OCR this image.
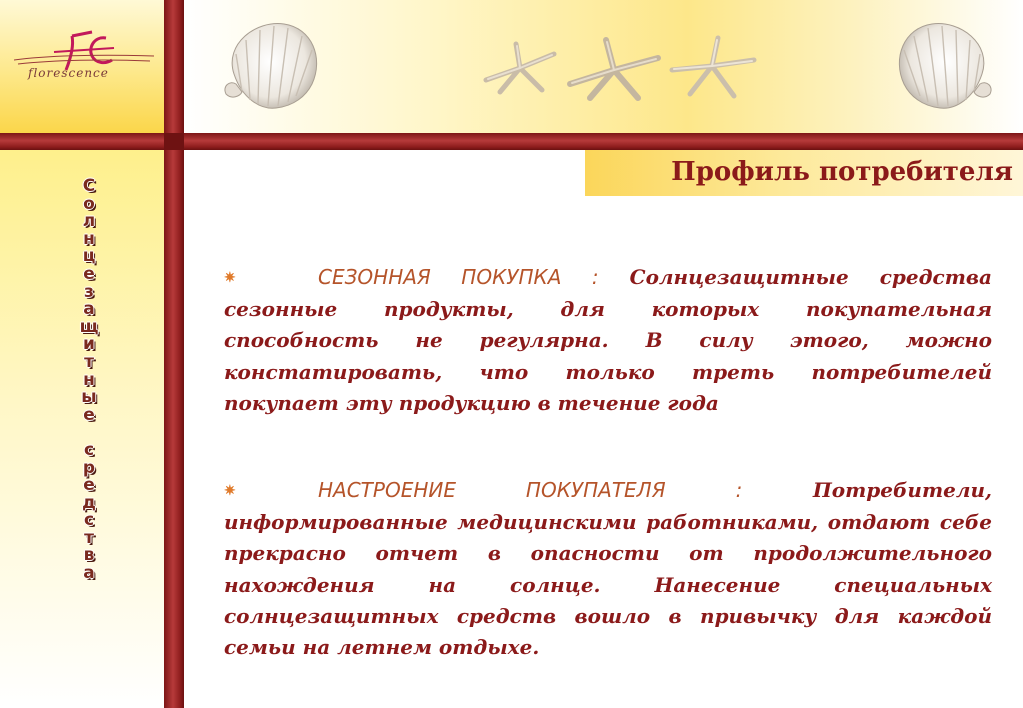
florescence
Профиль потребителя
С
о
л
н
ц
е
з
а
щ
и
т
н
ы
е
с
р
е
д
с
т
в
а
✷	СЕЗОННАЯ ПОКУПКА : Солнцезащитные средства сезонные продукты, для которых покупательная способность не регулярна. В силу этого, можно констатировать, что только треть потребителей покупает эту продукцию в течение года
✷	НАСТРОЕНИЕ ПОКУПАТЕЛЯ :	Потребители, информированные медицинскими работниками, отдают себе прекрасно отчет в опасности от продолжительного нахождения на солнце. Нанесение специальных солнцезащитных средств вошло в привычку для каждой семьи на летнем отдыхе.
